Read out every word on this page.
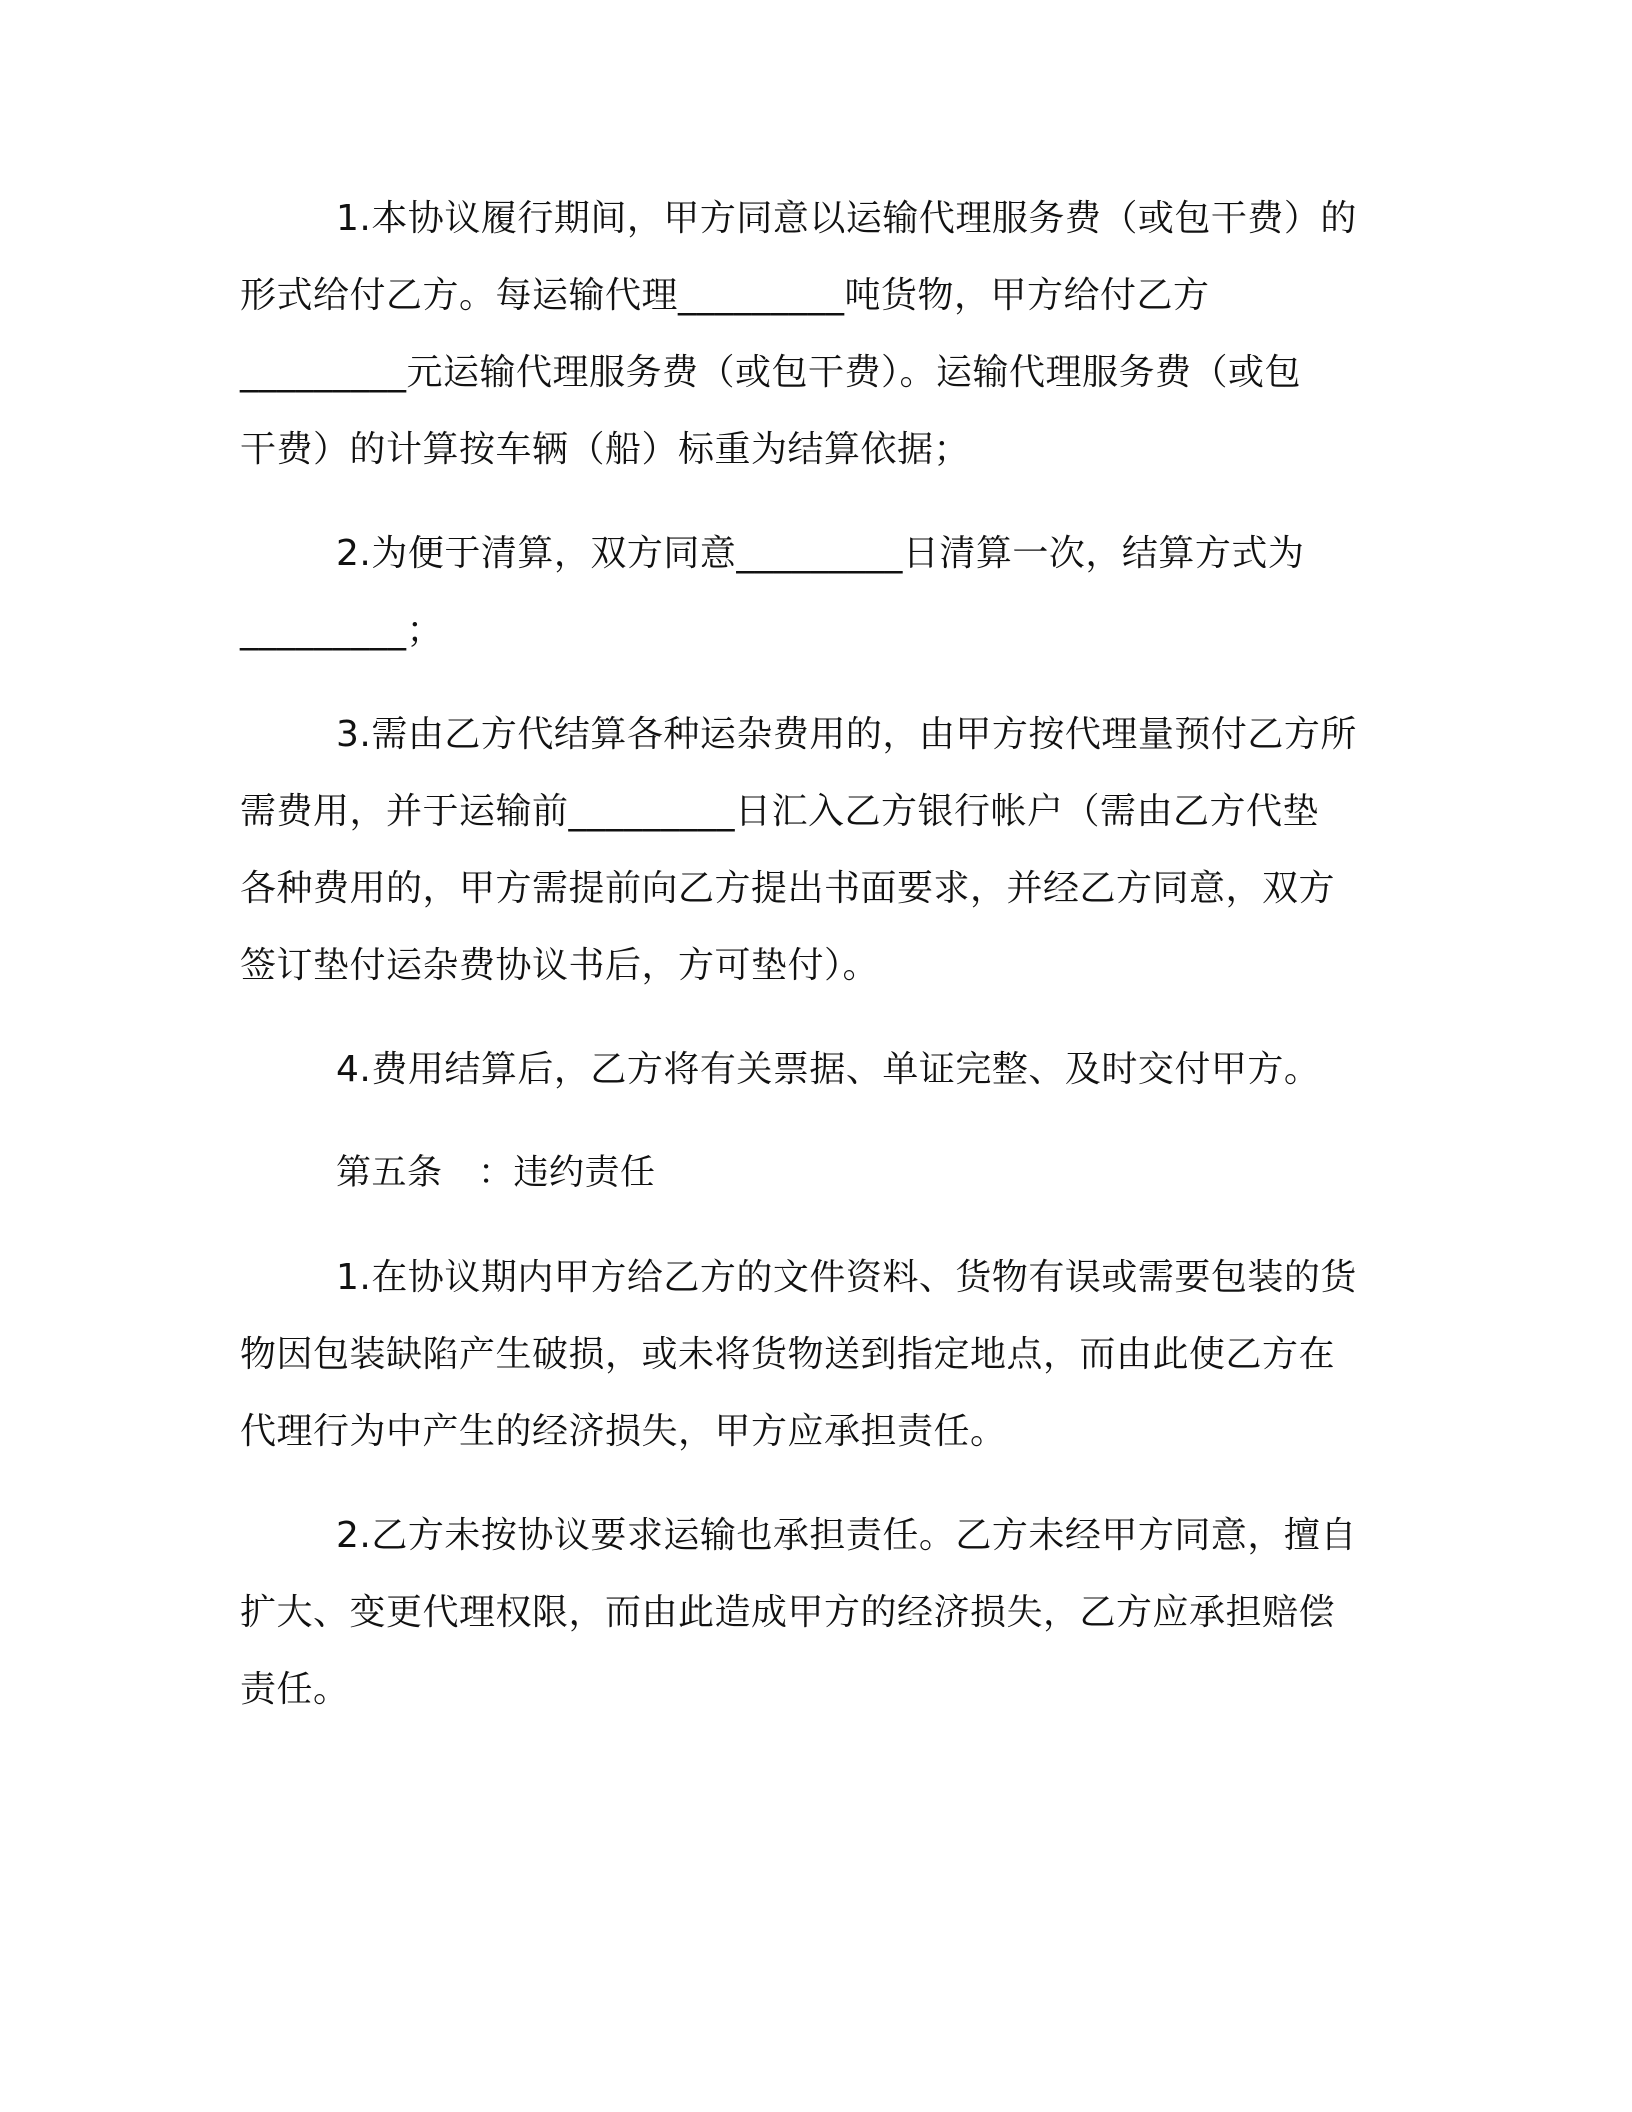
1.本协议履行期间，甲方同意以运输代理服务费（或包干费）的
形式给付乙方。每运输代理_________吨货物，甲方给付乙方
_________元运输代理服务费（或包干费）。运输代理服务费（或包
干费）的计算按车辆（船）标重为结算依据；

2.为便于清算，双方同意_________日清算一次，结算方式为
_________；

3.需由乙方代结算各种运杂费用的，由甲方按代理量预付乙方所
需费用，并于运输前_________日汇入乙方银行帐户（需由乙方代垫
各种费用的，甲方需提前向乙方提出书面要求，并经乙方同意，双方
签订垫付运杂费协议书后，方可垫付）。

4.费用结算后，乙方将有关票据、单证完整、及时交付甲方。

第五条　：违约责任

1.在协议期内甲方给乙方的文件资料、货物有误或需要包装的货
物因包装缺陷产生破损，或未将货物送到指定地点，而由此使乙方在
代理行为中产生的经济损失，甲方应承担责任。

2.乙方未按协议要求运输也承担责任。乙方未经甲方同意，擅自
扩大、变更代理权限，而由此造成甲方的经济损失，乙方应承担赔偿
责任。
